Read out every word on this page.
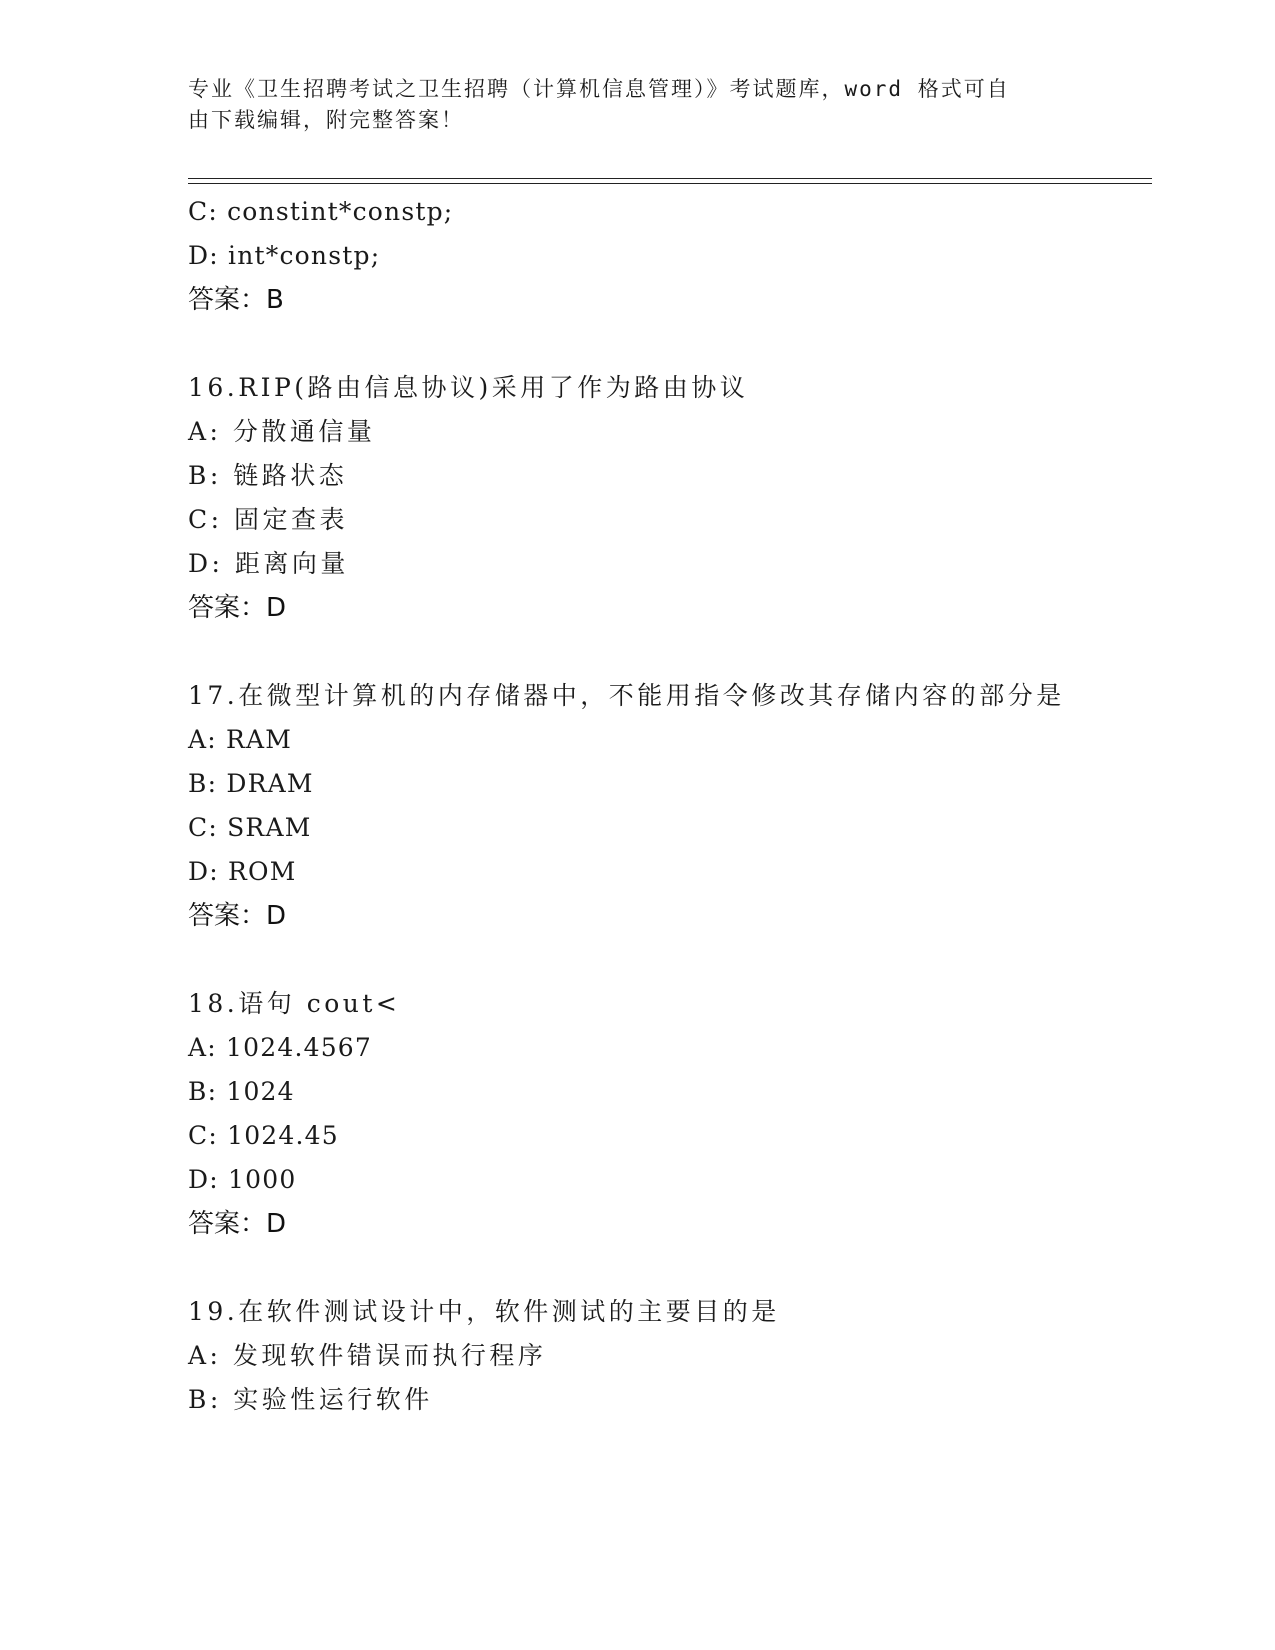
专业《卫生招聘考试之卫生招聘（计算机信息管理）》考试题库，word 格式可自
由下载编辑，附完整答案！
C: constint*constp;
D: int*constp;
答案：B
16.RIP(路由信息协议)采用了作为路由协议
A: 分散通信量
B: 链路状态
C: 固定查表
D: 距离向量
答案：D
17.在微型计算机的内存储器中，不能用指令修改其存储内容的部分是
A: RAM
B: DRAM
C: SRAM
D: ROM
答案：D
18.语句 cout<
A: 1024.4567
B: 1024
C: 1024.45
D: 1000
答案：D
19.在软件测试设计中，软件测试的主要目的是
A: 发现软件错误而执行程序
B: 实验性运行软件
